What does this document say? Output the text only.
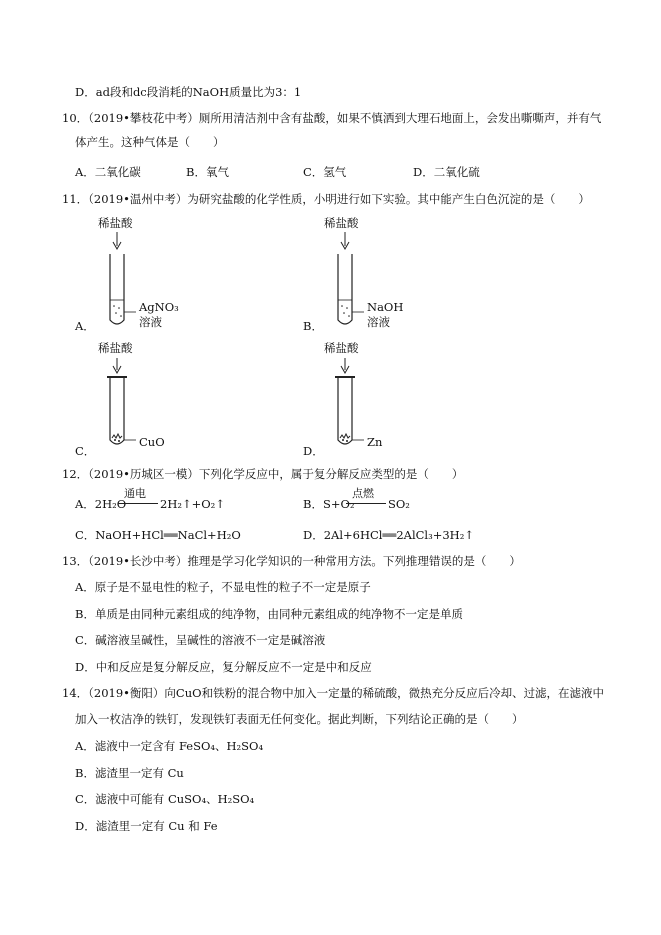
D．ad段和dc段消耗的NaOH质量比为3：1
10．（2019•攀枝花中考）厕所用清洁剂中含有盐酸，如果不慎洒到大理石地面上，会发出嘶嘶声，并有气
体产生。这种气体是（　　）
A．二氧化碳	B．氧气	C．氢气	D．二氧化硫
11．（2019•温州中考）为研究盐酸的化学性质，小明进行如下实验。其中能产生白色沉淀的是（　　）
稀盐酸
A．
AgNO₃
溶液
稀盐酸
B．
NaOH
溶液
稀盐酸
C．
CuO
稀盐酸
D．
Zn
12．（2019•历城区一模）下列化学反应中，属于复分解反应类型的是（　　）
A．2H₂O
通电
2H₂↑+O₂↑	B．S+O₂
点燃
SO₂
C．NaOH+HCl══NaCl+H₂O	D．2Al+6HCl══2AlCl₃+3H₂↑
13．（2019•长沙中考）推理是学习化学知识的一种常用方法。下列推理错误的是（　　）
A．原子是不显电性的粒子，不显电性的粒子不一定是原子
B．单质是由同种元素组成的纯净物，由同种元素组成的纯净物不一定是单质
C．碱溶液呈碱性，呈碱性的溶液不一定是碱溶液
D．中和反应是复分解反应，复分解反应不一定是中和反应
14．（2019•衡阳）向CuO和铁粉的混合物中加入一定量的稀硫酸，微热充分反应后冷却、过滤，在滤液中
加入一枚洁净的铁钉，发现铁钉表面无任何变化。据此判断，下列结论正确的是（　　）
A．滤液中一定含有 FeSO₄、H₂SO₄
B．滤渣里一定有 Cu
C．滤液中可能有 CuSO₄、H₂SO₄
D．滤渣里一定有 Cu 和 Fe
